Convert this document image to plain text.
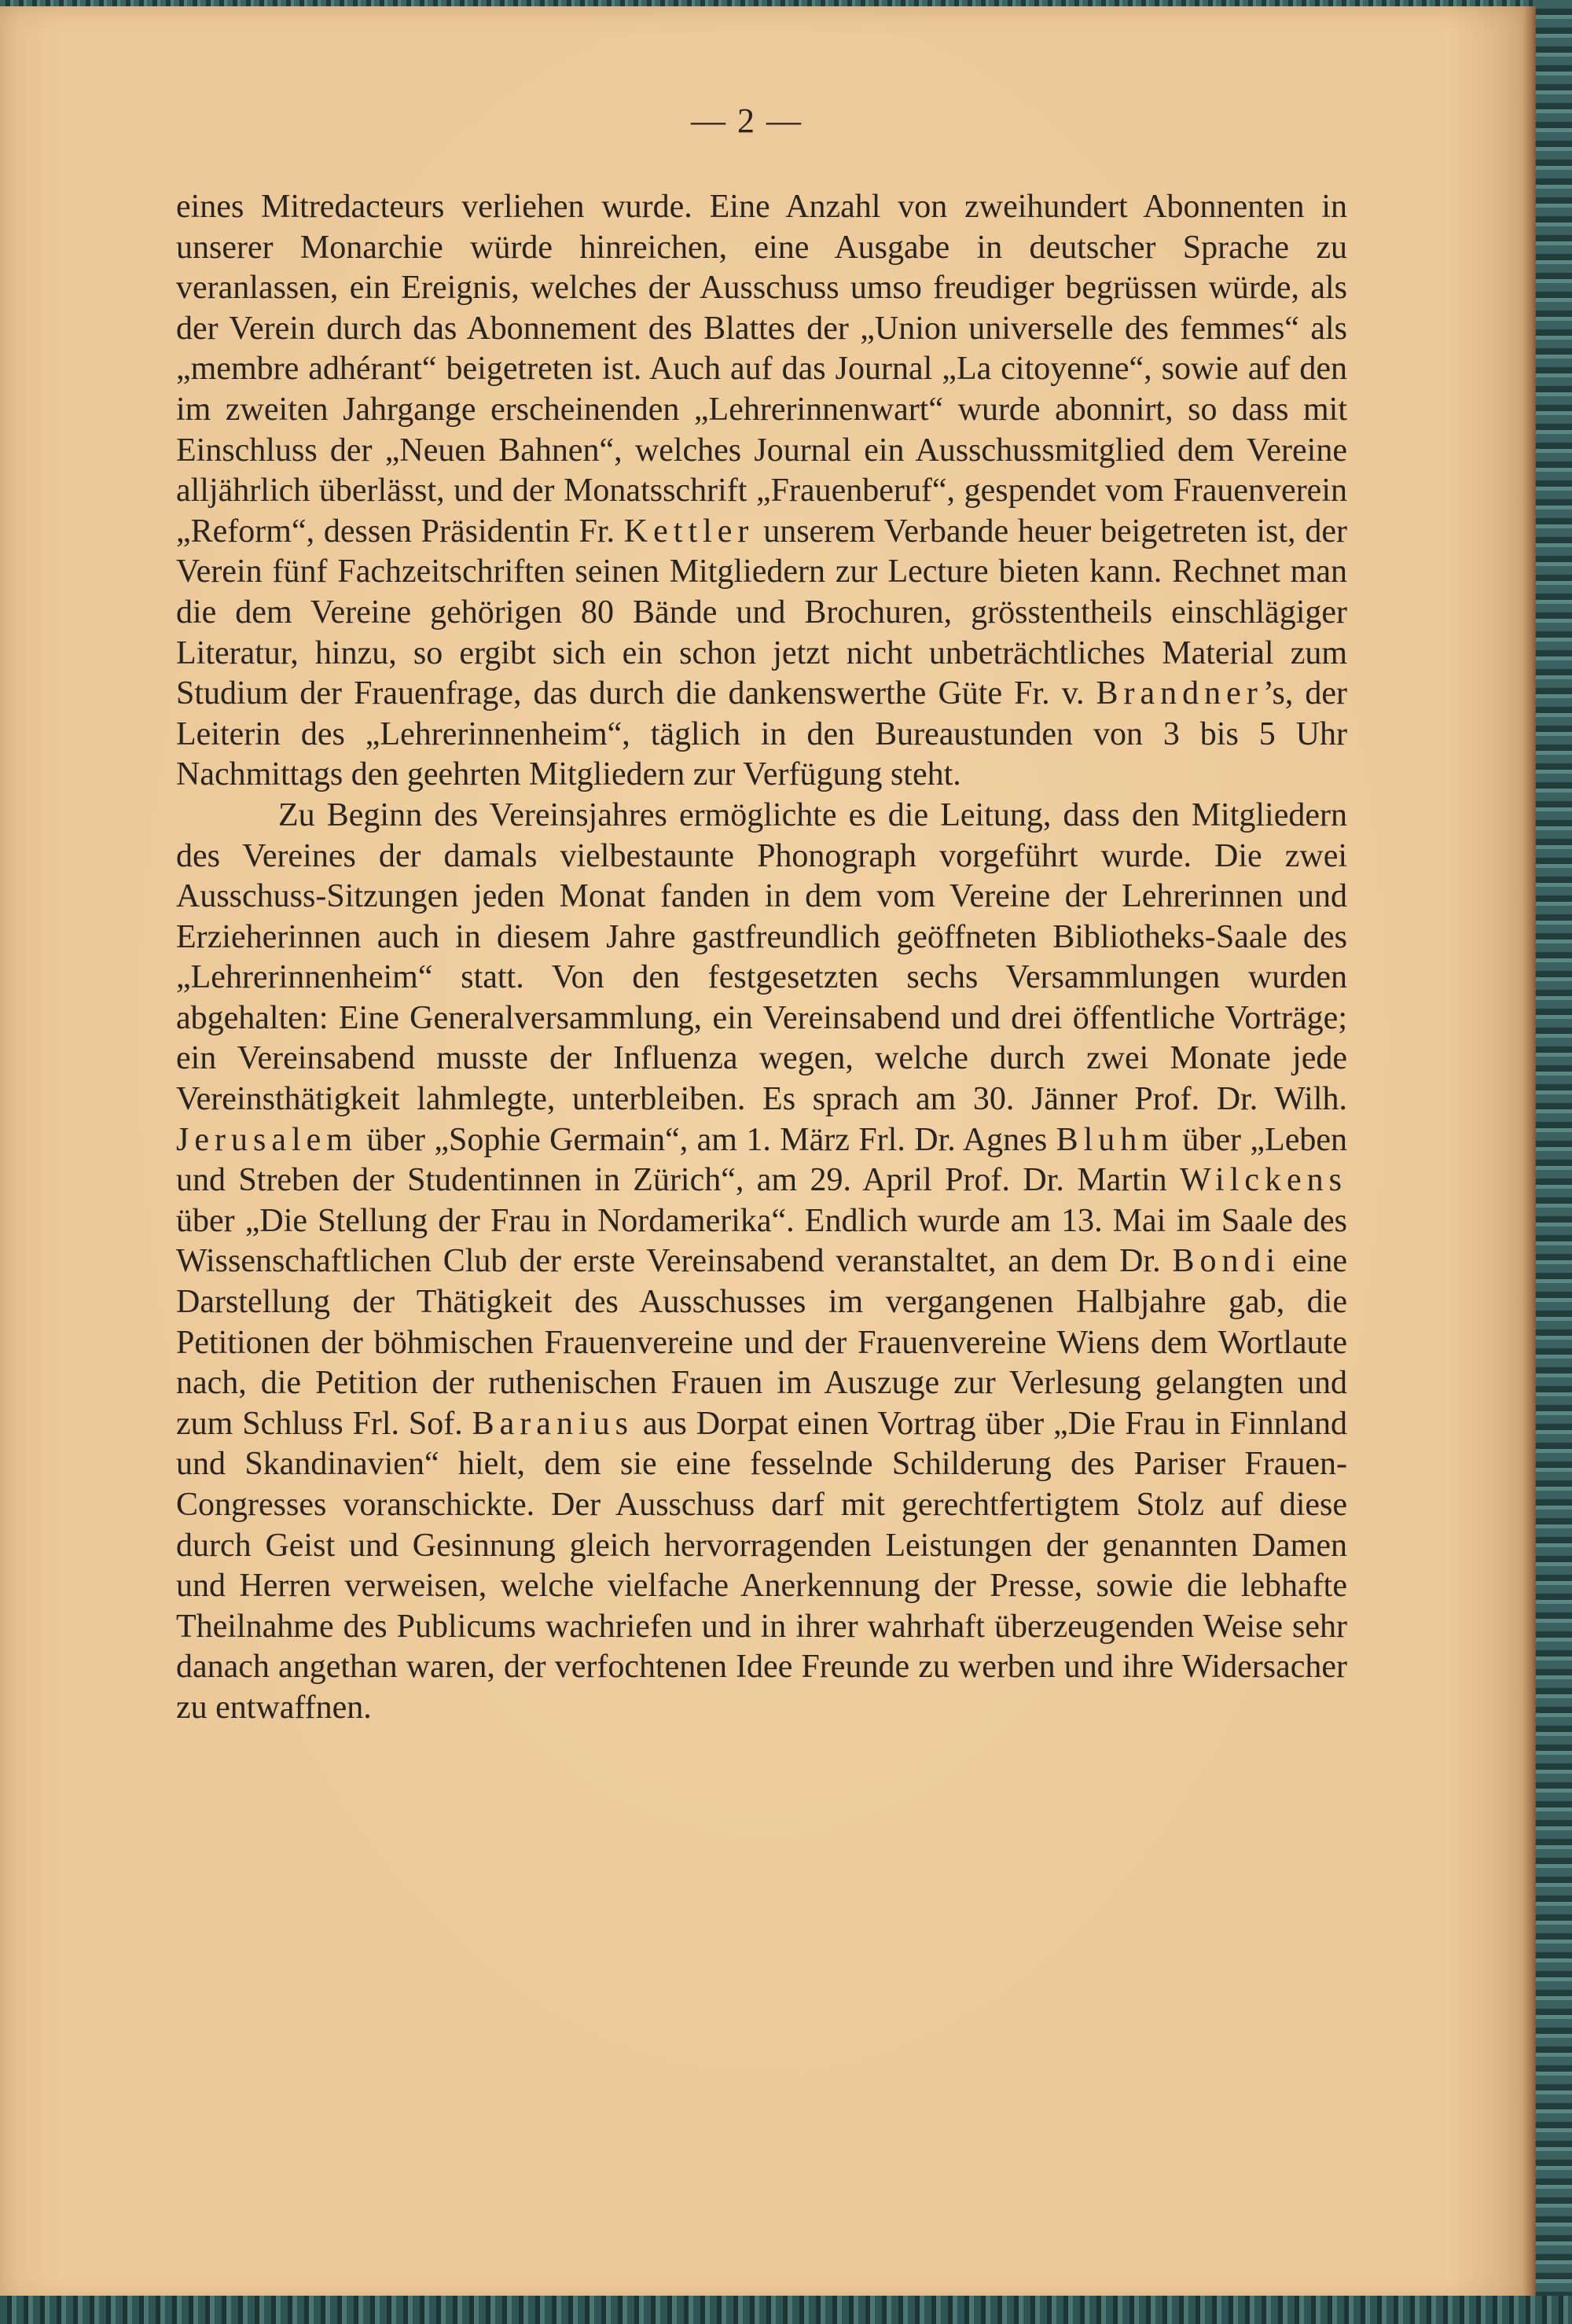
— 2 —

eines Mitredacteurs verliehen wurde. Eine Anzahl von zweihundert Abonnenten in unserer Monarchie würde hinreichen, eine Ausgabe in deutscher Sprache zu veranlassen, ein Ereignis, welches der Ausschuss umso freudiger begrüssen würde, als der Verein durch das Abonnement des Blattes der „Union universelle des femmes“ als „membre adhérant“ beigetreten ist. Auch auf das Journal „La citoyenne“, sowie auf den im zweiten Jahrgange erscheinenden „Lehrerinnenwart“ wurde abonnirt, so dass mit Einschluss der „Neuen Bahnen“, welches Journal ein Ausschussmitglied dem Vereine alljährlich überlässt, und der Monatsschrift „Frauenberuf“, gespendet vom Frauenverein „Reform“, dessen Präsidentin Fr. Kettler unserem Verbande heuer beigetreten ist, der Verein fünf Fachzeitschriften seinen Mitgliedern zur Lecture bieten kann. Rechnet man die dem Vereine gehörigen 80 Bände und Brochuren, grösstentheils einschlägiger Literatur, hinzu, so ergibt sich ein schon jetzt nicht unbeträchtliches Material zum Studium der Frauenfrage, das durch die dankenswerthe Güte Fr. v. Brandner’s, der Leiterin des „Lehrerinnenheim“, täglich in den Bureaustunden von 3 bis 5 Uhr Nachmittags den geehrten Mitgliedern zur Verfügung steht.

Zu Beginn des Vereinsjahres ermöglichte es die Leitung, dass den Mitgliedern des Vereines der damals vielbestaunte Phonograph vorgeführt wurde. Die zwei Ausschuss-Sitzungen jeden Monat fanden in dem vom Vereine der Lehrerinnen und Erzieherinnen auch in diesem Jahre gastfreundlich geöffneten Bibliotheks-Saale des „Lehrerinnenheim“ statt. Von den festgesetzten sechs Versammlungen wurden abgehalten: Eine Generalversammlung, ein Vereinsabend und drei öffentliche Vorträge; ein Vereinsabend musste der Influenza wegen, welche durch zwei Monate jede Vereinsthätigkeit lahmlegte, unterbleiben. Es sprach am 30. Jänner Prof. Dr. Wilh. Jerusalem über „Sophie Germain“, am 1. März Frl. Dr. Agnes Bluhm über „Leben und Streben der Studentinnen in Zürich“, am 29. April Prof. Dr. Martin Wilckens über „Die Stellung der Frau in Nordamerika“. Endlich wurde am 13. Mai im Saale des Wissenschaftlichen Club der erste Vereinsabend veranstaltet, an dem Dr. Bondi eine Darstellung der Thätigkeit des Ausschusses im vergangenen Halbjahre gab, die Petitionen der böhmischen Frauenvereine und der Frauenvereine Wiens dem Wortlaute nach, die Petition der ruthenischen Frauen im Auszuge zur Verlesung gelangten und zum Schluss Frl. Sof. Baranius aus Dorpat einen Vortrag über „Die Frau in Finnland und Skandinavien“ hielt, dem sie eine fesselnde Schilderung des Pariser Frauen-Congresses voranschickte. Der Ausschuss darf mit gerechtfertigtem Stolz auf diese durch Geist und Gesinnung gleich hervorragenden Leistungen der genannten Damen und Herren verweisen, welche vielfache Anerkennung der Presse, sowie die lebhafte Theilnahme des Publicums wachriefen und in ihrer wahrhaft überzeugenden Weise sehr danach angethan waren, der verfochtenen Idee Freunde zu werben und ihre Widersacher zu entwaffnen.
